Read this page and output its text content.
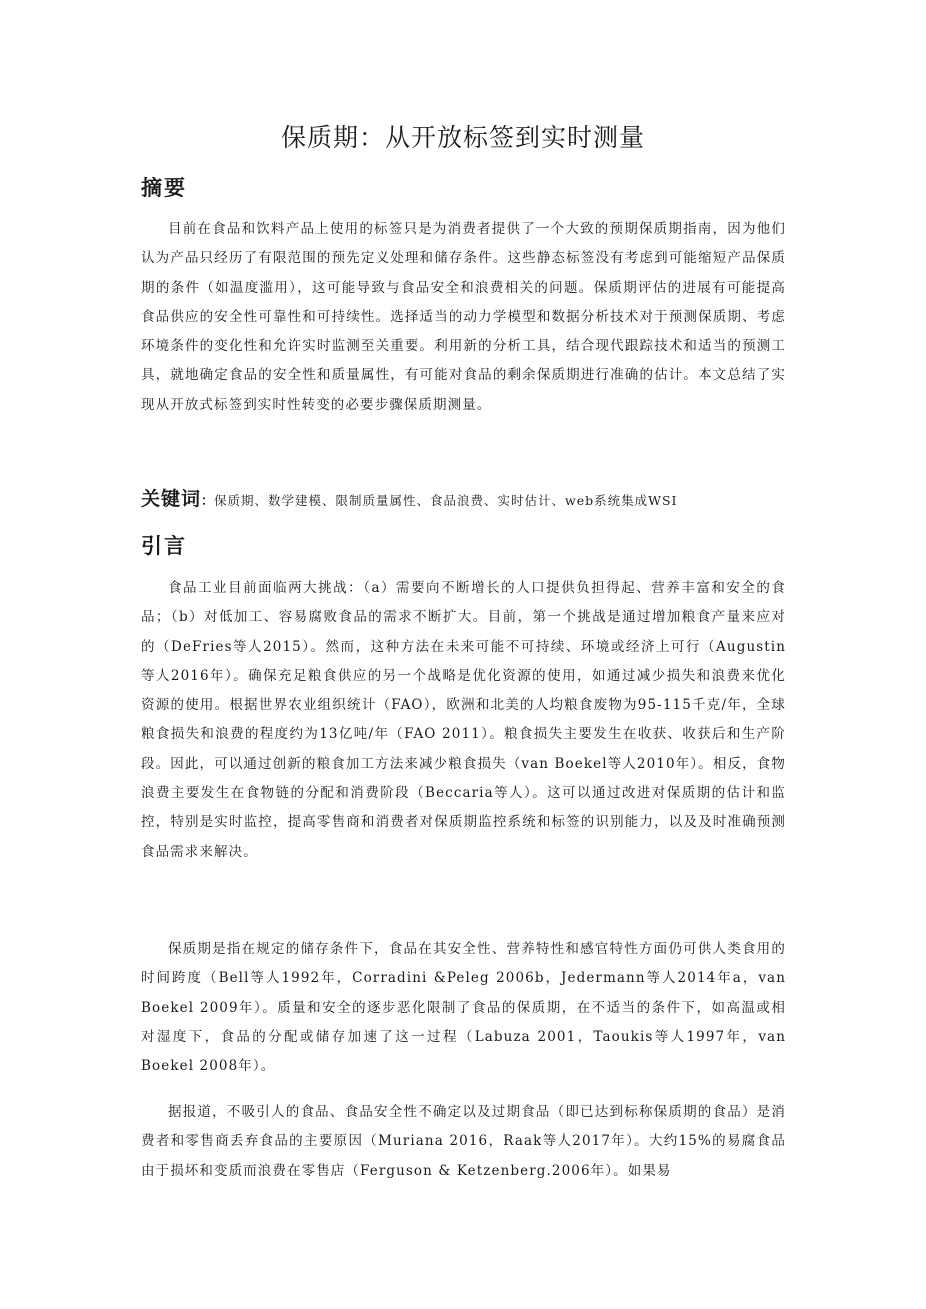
保质期：从开放标签到实时测量
摘要

目前在食品和饮料产品上使用的标签只是为消费者提供了一个大致的预期保质期指南，因为他们认为产品只经历了有限范围的预先定义处理和储存条件。这些静态标签没有考虑到可能缩短产品保质期的条件（如温度滥用），这可能导致与食品安全和浪费相关的问题。保质期评估的进展有可能提高食品供应的安全性可靠性和可持续性。选择适当的动力学模型和数据分析技术对于预测保质期、考虑环境条件的变化性和允许实时监测至关重要。利用新的分析工具，结合现代跟踪技术和适当的预测工具，就地确定食品的安全性和质量属性，有可能对食品的剩余保质期进行准确的估计。本文总结了实现从开放式标签到实时性转变的必要步骤保质期测量。

关键词：保质期、数学建模、限制质量属性、食品浪费、实时估计、web系统集成WSI
引言

食品工业目前面临两大挑战：（a）需要向不断增长的人口提供负担得起、营养丰富和安全的食品；（b）对低加工、容易腐败食品的需求不断扩大。目前，第一个挑战是通过增加粮食产量来应对的（DeFries等人2015）。然而，这种方法在未来可能不可持续、环境或经济上可行（Augustin等人2016年）。确保充足粮食供应的另一个战略是优化资源的使用，如通过减少损失和浪费来优化资源的使用。根据世界农业组织统计（FAO），欧洲和北美的人均粮食废物为95-115千克/年，全球粮食损失和浪费的程度约为13亿吨/年（FAO 2011）。粮食损失主要发生在收获、收获后和生产阶段。因此，可以通过创新的粮食加工方法来减少粮食损失（van Boekel等人2010年）。相反，食物浪费主要发生在食物链的分配和消费阶段（Beccaria等人）。这可以通过改进对保质期的估计和监控，特别是实时监控，提高零售商和消费者对保质期监控系统和标签的识别能力，以及及时准确预测食品需求来解决。

保质期是指在规定的储存条件下，食品在其安全性、营养特性和感官特性方面仍可供人类食用的时间跨度（Bell等人1992年，Corradini &Peleg 2006b，Jedermann等人2014年a，van Boekel 2009年）。质量和安全的逐步恶化限制了食品的保质期，在不适当的条件下，如高温或相对湿度下，食品的分配或储存加速了这一过程（Labuza 2001，Taoukis等人1997年，van Boekel 2008年）。

据报道，不吸引人的食品、食品安全性不确定以及过期食品（即已达到标称保质期的食品）是消费者和零售商丢弃食品的主要原因（Muriana 2016，Raak等人2017年）。大约15%的易腐食品由于损坏和变质而浪费在零售店（Ferguson & Ketzenberg.2006年）。如果易
